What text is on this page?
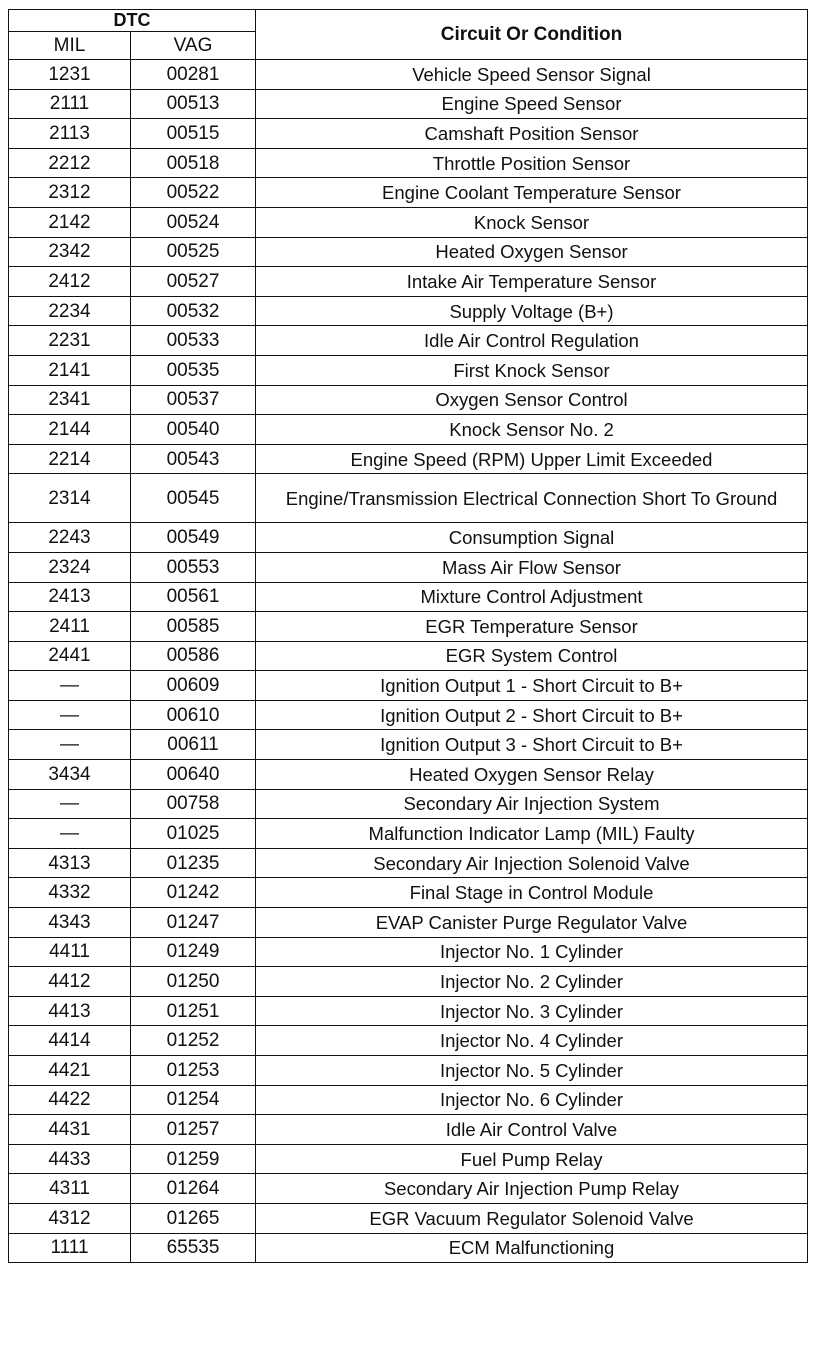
DTC		Circuit Or Condition
MIL	VAG	
1231	00281	Vehicle Speed Sensor Signal
2111	00513	Engine Speed Sensor
2113	00515	Camshaft Position Sensor
2212	00518	Throttle Position Sensor
2312	00522	Engine Coolant Temperature Sensor
2142	00524	Knock Sensor
2342	00525	Heated Oxygen Sensor
2412	00527	Intake Air Temperature Sensor
2234	00532	Supply Voltage (B+)
2231	00533	Idle Air Control Regulation
2141	00535	First Knock Sensor
2341	00537	Oxygen Sensor Control
2144	00540	Knock Sensor No. 2
2214	00543	Engine Speed (RPM) Upper Limit Exceeded
2314	00545	Engine/Transmission Electrical Connection Short To Ground
2243	00549	Consumption Signal
2324	00553	Mass Air Flow Sensor
2413	00561	Mixture Control Adjustment
2411	00585	EGR Temperature Sensor
2441	00586	EGR System Control
—	00609	Ignition Output 1 - Short Circuit to B+
—	00610	Ignition Output 2 - Short Circuit to B+
—	00611	Ignition Output 3 - Short Circuit to B+
3434	00640	Heated Oxygen Sensor Relay
—	00758	Secondary Air Injection System
—	01025	Malfunction Indicator Lamp (MIL) Faulty
4313	01235	Secondary Air Injection Solenoid Valve
4332	01242	Final Stage in Control Module
4343	01247	EVAP Canister Purge Regulator Valve
4411	01249	Injector No. 1 Cylinder
4412	01250	Injector No. 2 Cylinder
4413	01251	Injector No. 3 Cylinder
4414	01252	Injector No. 4 Cylinder
4421	01253	Injector No. 5 Cylinder
4422	01254	Injector No. 6 Cylinder
4431	01257	Idle Air Control Valve
4433	01259	Fuel Pump Relay
4311	01264	Secondary Air Injection Pump Relay
4312	01265	EGR Vacuum Regulator Solenoid Valve
1111	65535	ECM Malfunctioning
